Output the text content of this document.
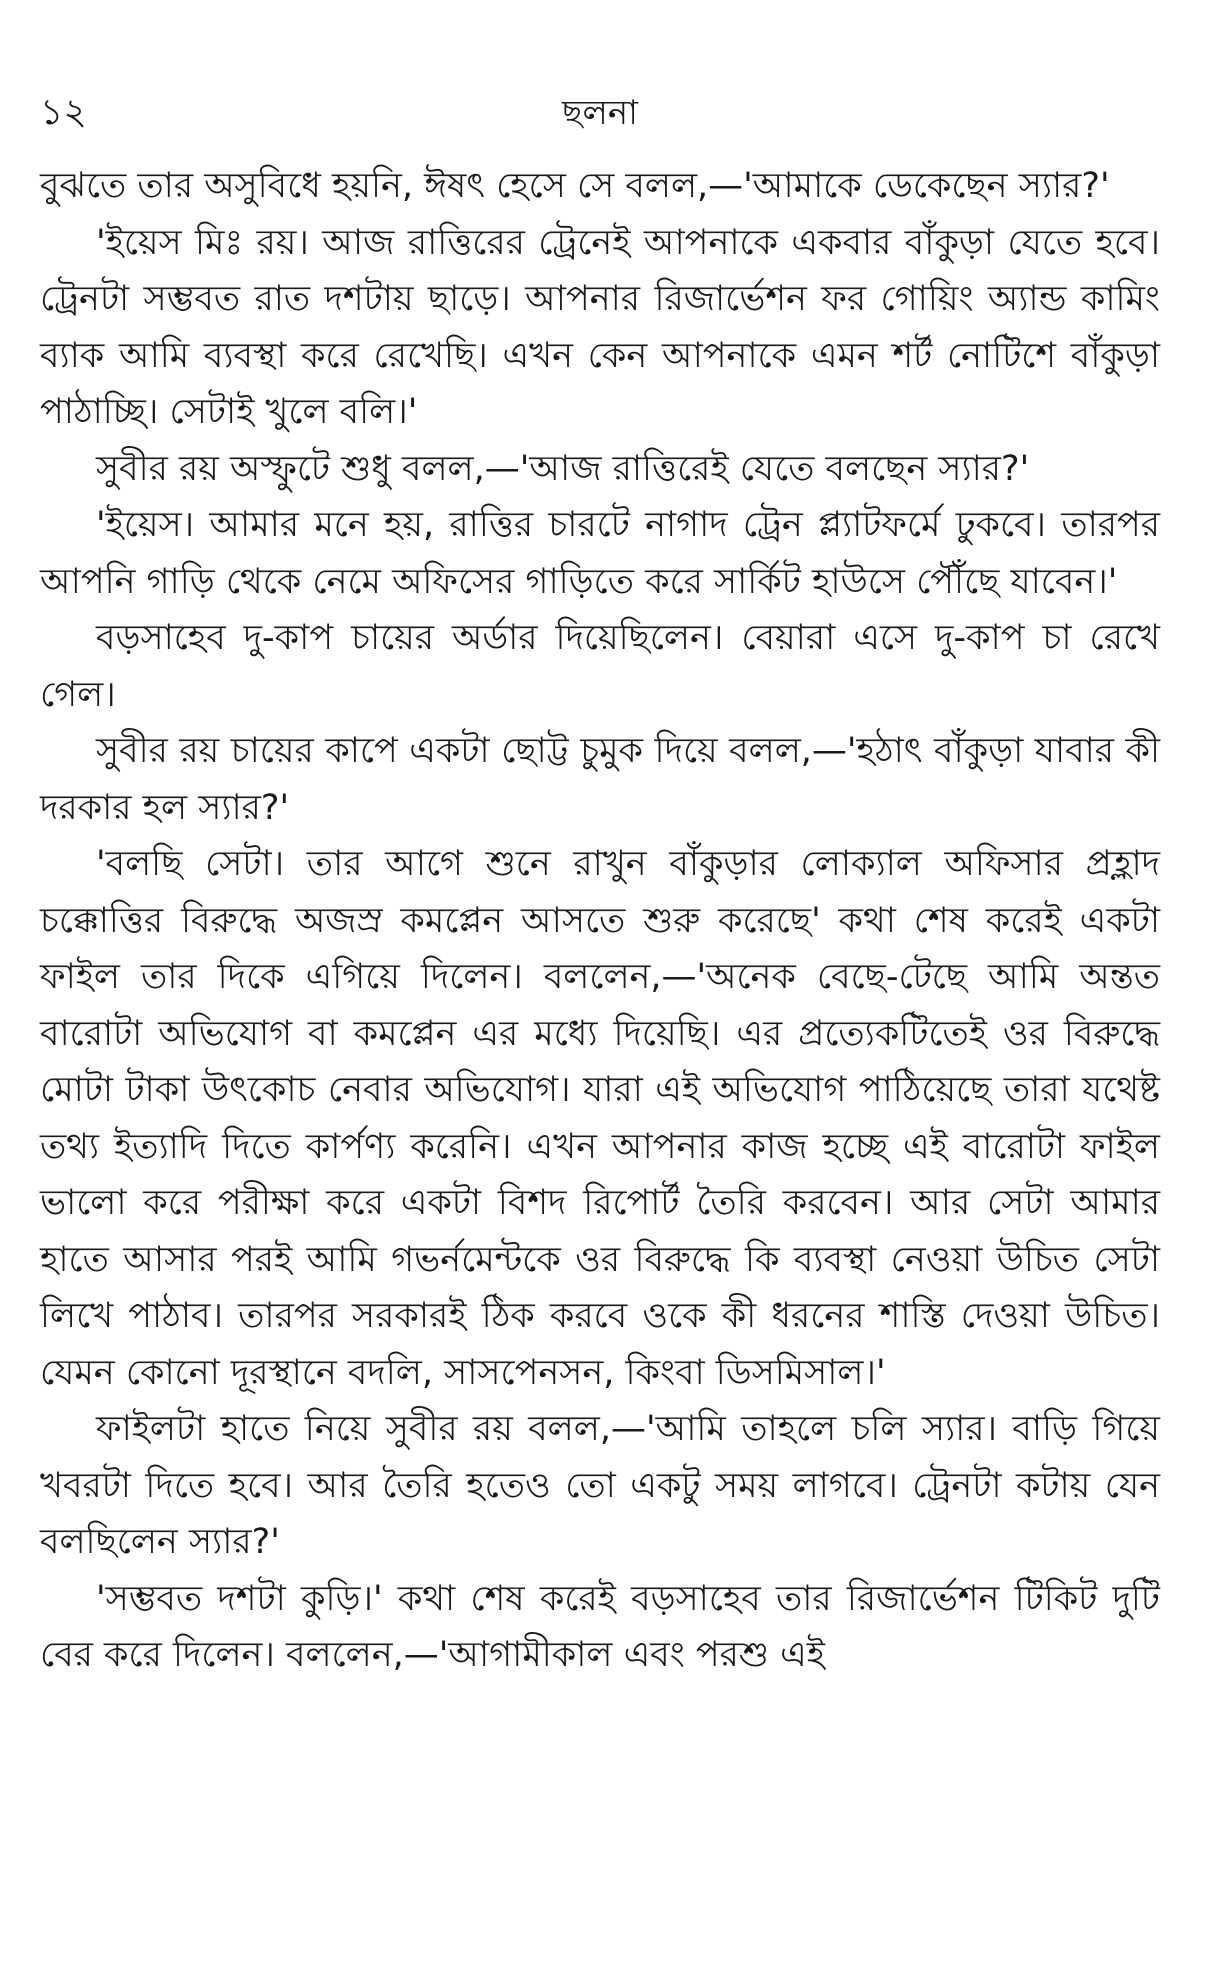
১২	ছলনা

বুঝতে তার অসুবিধে হয়নি, ঈষৎ হেসে সে বলল,—'আমাকে ডেকেছেন স্যার?'

'ইয়েস মিঃ রয়। আজ রাত্তিরের ট্রেনেই আপনাকে একবার বাঁকুড়া যেতে হবে। ট্রেনটা সম্ভবত রাত দশটায় ছাড়ে। আপনার রিজার্ভেশন ফর গোয়িং অ্যান্ড কামিং ব্যাক আমি ব্যবস্থা করে রেখেছি। এখন কেন আপনাকে এমন শর্ট নোটিশে বাঁকুড়া পাঠাচ্ছি। সেটাই খুলে বলি।'

সুবীর রয় অস্ফুটে শুধু বলল,—'আজ রাত্তিরেই যেতে বলছেন স্যার?'

'ইয়েস। আমার মনে হয়, রাত্তির চারটে নাগাদ ট্রেন প্ল্যাটফর্মে ঢুকবে। তারপর আপনি গাড়ি থেকে নেমে অফিসের গাড়িতে করে সার্কিট হাউসে পৌঁছে যাবেন।'

বড়সাহেব দু-কাপ চায়ের অর্ডার দিয়েছিলেন। বেয়ারা এসে দু-কাপ চা রেখে গেল।

সুবীর রয় চায়ের কাপে একটা ছোট্ট চুমুক দিয়ে বলল,—'হঠাৎ বাঁকুড়া যাবার কী দরকার হল স্যার?'

'বলছি সেটা। তার আগে শুনে রাখুন বাঁকুড়ার লোক্যাল অফিসার প্রহ্লাদ চক্কোত্তির বিরুদ্ধে অজস্র কমপ্লেন আসতে শুরু করেছে' কথা শেষ করেই একটা ফাইল তার দিকে এগিয়ে দিলেন। বললেন,—'অনেক বেছে-টেছে আমি অন্তত বারোটা অভিযোগ বা কমপ্লেন এর মধ্যে দিয়েছি। এর প্রত্যেকটিতেই ওর বিরুদ্ধে মোটা টাকা উৎকোচ নেবার অভিযোগ। যারা এই অভিযোগ পাঠিয়েছে তারা যথেষ্ট তথ্য ইত্যাদি দিতে কার্পণ্য করেনি। এখন আপনার কাজ হচ্ছে এই বারোটা ফাইল ভালো করে পরীক্ষা করে একটা বিশদ রিপোর্ট তৈরি করবেন। আর সেটা আমার হাতে আসার পরই আমি গভর্নমেন্টকে ওর বিরুদ্ধে কি ব্যবস্থা নেওয়া উচিত সেটা লিখে পাঠাব। তারপর সরকারই ঠিক করবে ওকে কী ধরনের শাস্তি দেওয়া উচিত। যেমন কোনো দূরস্থানে বদলি, সাসপেনসন, কিংবা ডিসমিসাল।'

ফাইলটা হাতে নিয়ে সুবীর রয় বলল,—'আমি তাহলে চলি স্যার। বাড়ি গিয়ে খবরটা দিতে হবে। আর তৈরি হতেও তো একটু সময় লাগবে। ট্রেনটা কটায় যেন বলছিলেন স্যার?'

'সম্ভবত দশটা কুড়ি।' কথা শেষ করেই বড়সাহেব তার রিজার্ভেশন টিকিট দুটি বের করে দিলেন। বললেন,—'আগামীকাল এবং পরশু এই
